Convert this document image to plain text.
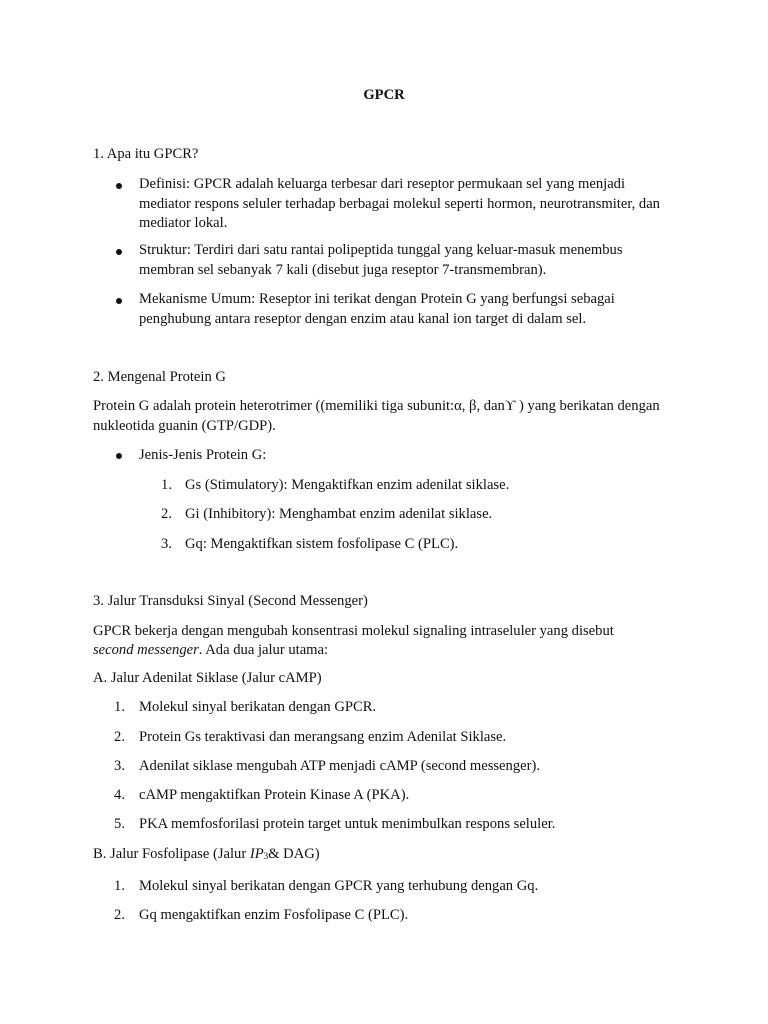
GPCR
1. Apa itu GPCR?
Definisi: GPCR adalah keluarga terbesar dari reseptor permukaan sel yang menjadi mediator respons seluler terhadap berbagai molekul seperti hormon, neurotransmiter, dan mediator lokal.
Struktur: Terdiri dari satu rantai polipeptida tunggal yang keluar-masuk menembus membran sel sebanyak 7 kali (disebut juga reseptor 7-transmembran).
Mekanisme Umum: Reseptor ini terikat dengan Protein G yang berfungsi sebagai penghubung antara reseptor dengan enzim atau kanal ion target di dalam sel.
2. Mengenal Protein G
Protein G adalah protein heterotrimer ((memiliki tiga subunit:α, β, danϒ ) yang berikatan dengan nukleotida guanin (GTP/GDP).
Jenis-Jenis Protein G:
1. Gs (Stimulatory): Mengaktifkan enzim adenilat siklase.
2. Gi (Inhibitory): Menghambat enzim adenilat siklase.
3. Gq: Mengaktifkan sistem fosfolipase C (PLC).
3. Jalur Transduksi Sinyal (Second Messenger)
GPCR bekerja dengan mengubah konsentrasi molekul signaling intraseluler yang disebut
second messenger. Ada dua jalur utama:
A. Jalur Adenilat Siklase (Jalur cAMP)
1. Molekul sinyal berikatan dengan GPCR.
2. Protein Gs teraktivasi dan merangsang enzim Adenilat Siklase.
3. Adenilat siklase mengubah ATP menjadi cAMP (second messenger).
4. cAMP mengaktifkan Protein Kinase A (PKA).
5. PKA memfosforilasi protein target untuk menimbulkan respons seluler.
B. Jalur Fosfolipase (Jalur $IP_3\&$ DAG)
1. Molekul sinyal berikatan dengan GPCR yang terhubung dengan Gq.
2. Gq mengaktifkan enzim Fosfolipase C (PLC).
